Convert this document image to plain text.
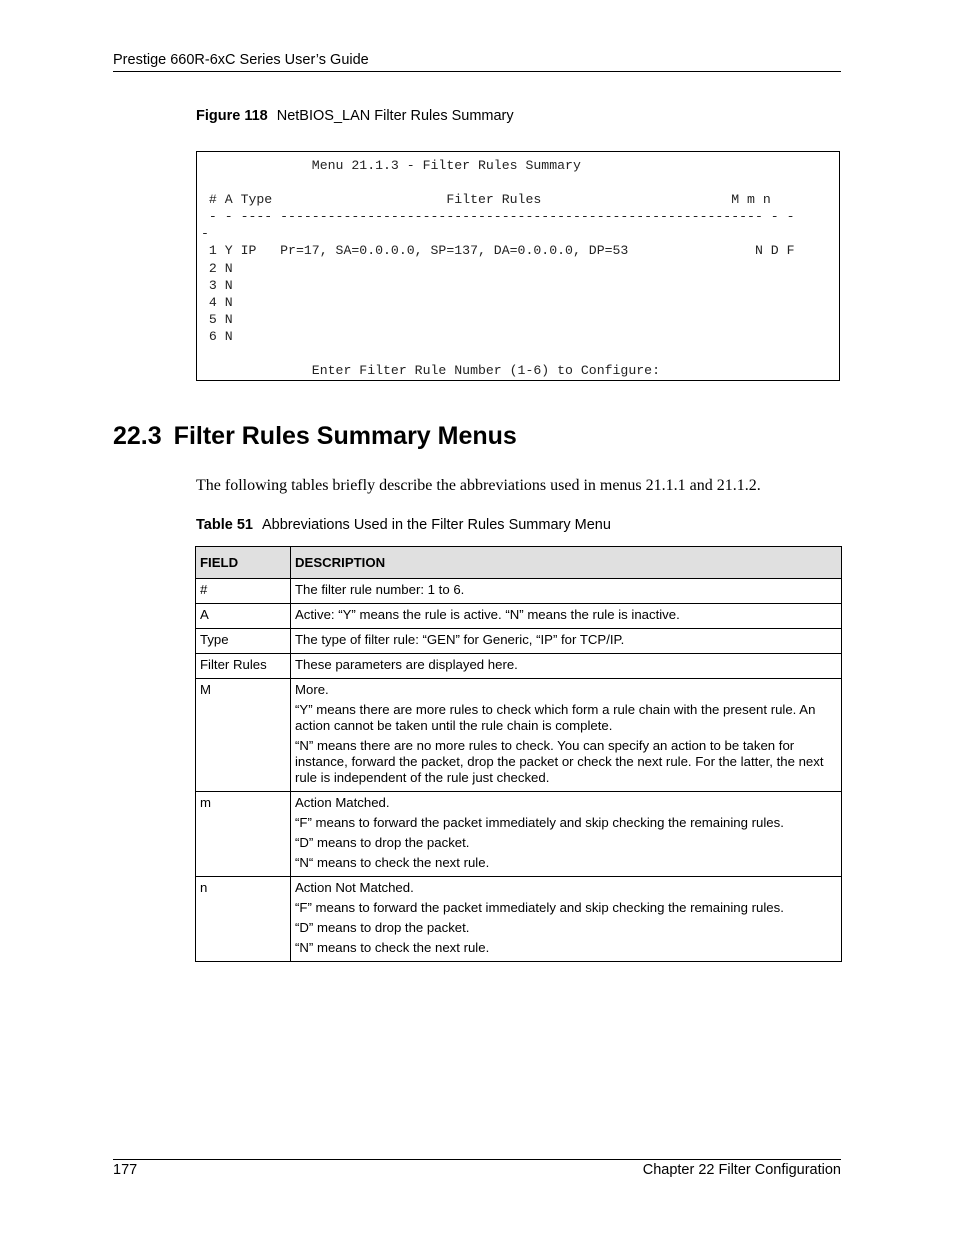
Prestige 660R-6xC Series User’s Guide
Figure 118 NetBIOS_LAN Filter Rules Summary
Menu 21.1.3 - Filter Rules Summary

# A Type                      Filter Rules                        M m n
- - ---- ------------------------------------------------------------- - -
-
1 Y IP   Pr=17, SA=0.0.0.0, SP=137, DA=0.0.0.0, DP=53                N D F
2 N
3 N
4 N
5 N
6 N

Enter Filter Rule Number (1-6) to Configure:
22.3 Filter Rules Summary Menus

The following tables briefly describe the abbreviations used in menus 21.1.1 and 21.1.2.

Table 51 Abbreviations Used in the Filter Rules Summary Menu
FIELD	DESCRIPTION
#	The filter rule number: 1 to 6.

A	Active: “Y” means the rule is active. “N” means the rule is inactive.

Type	The type of filter rule: “GEN” for Generic, “IP” for TCP/IP.

Filter Rules	These parameters are displayed here.

M	More.

“Y” means there are more rules to check which form a rule chain with the present rule. An action cannot be taken until the rule chain is complete.

“N” means there are no more rules to check. You can specify an action to be taken for instance, forward the packet, drop the packet or check the next rule. For the latter, the next rule is independent of the rule just checked.

m	Action Matched.

“F” means to forward the packet immediately and skip checking the remaining rules.

“D” means to drop the packet.

“N“ means to check the next rule.

n	Action Not Matched.

“F” means to forward the packet immediately and skip checking the remaining rules.

“D” means to drop the packet.

“N” means to check the next rule.

177	Chapter 22 Filter Configuration
